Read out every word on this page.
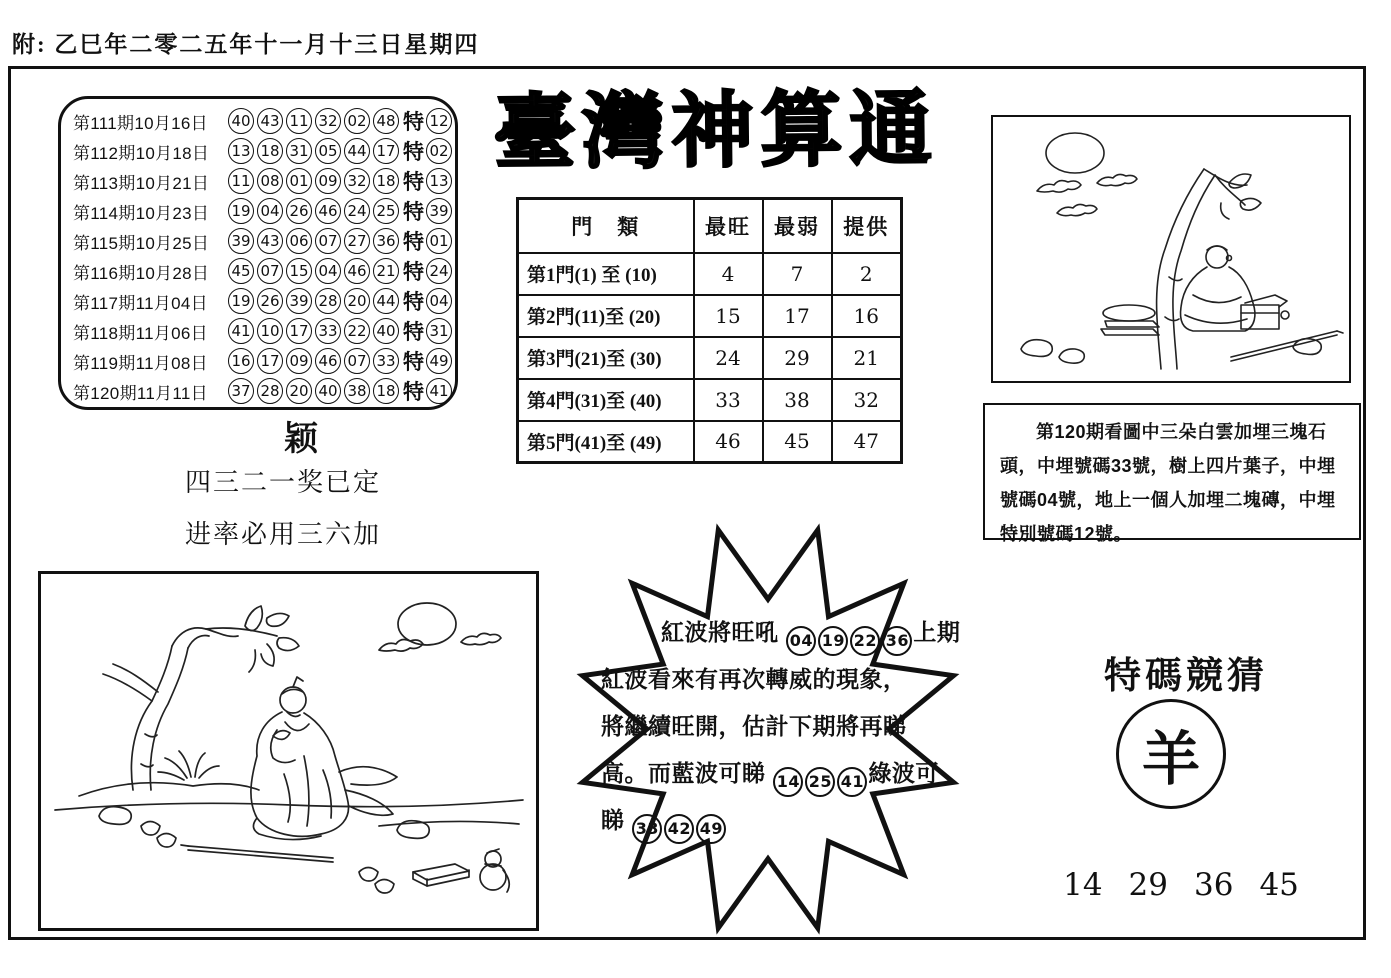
附: 乙巳年二零二五年十一月十三日星期四
第111期10月16日	40 43 11 32 02 48 特 12
第112期10月18日	13 18 31 05 44 17 特 02
第113期10月21日	11 08 01 09 32 18 特 13
第114期10月23日	19 04 26 46 24 25 特 39
第115期10月25日	39 43 06 07 27 36 特 01
第116期10月28日	45 07 15 04 46 21 特 24
第117期11月04日	19 26 39 28 20 44 特 04
第118期11月06日	41 10 17 33 22 40 特 31
第119期11月08日	16 17 09 46 07 33 特 49
第120期11月11日	37 28 20 40 38 18 特 41
臺灣神算通
門　類	最旺	最弱	提供
第1門(1) 至 (10)	4	7	2
第2門(11)至 (20)	15	17	16
第3門(21)至 (30)	24	29	21
第4門(31)至 (40)	33	38	32
第5門(41)至 (49)	46	45	47
颖
四三二一奖已定
进率必用三六加

第120期看圖中三朵白雲加埋三塊石頭，中埋號碼33號，樹上四片葉子，中埋號碼04號，地上一個人加埋二塊磚，中埋特別號碼12號。

紅波將旺吼 04 19 22 36 上期
紅波看來有再次轉威的現象，
將繼續旺開，估計下期將再睇
高。而藍波可睇 14 25 41 綠波可
睇 33 42 49
特碼競猜
羊
14 29 36 45
